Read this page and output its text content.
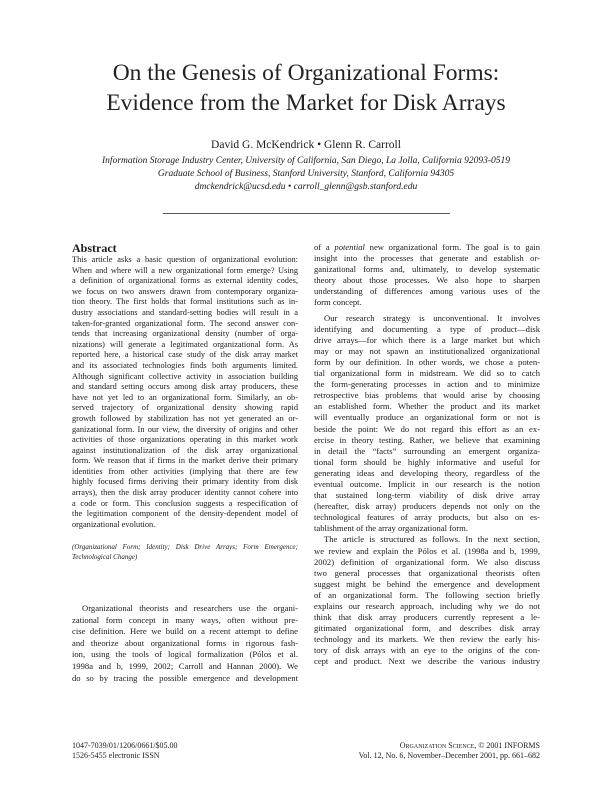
On the Genesis of Organizational Forms:
Evidence from the Market for Disk Arrays
David G. McKendrick • Glenn R. Carroll
Information Storage Industry Center, University of California, San Diego, La Jolla, California 92093-0519
Graduate School of Business, Stanford University, Stanford, California 94305
dmckendrick@ucsd.edu • carroll_glenn@gsb.stanford.edu
Abstract
This article asks a basic question of organizational evolution:
When and where will a new organizational form emerge? Using
a definition of organizational forms as external identity codes,
we focus on two answers drawn from contemporary organiza-
tion theory. The first holds that formal institutions such as in-
dustry associations and standard-setting bodies will result in a
taken-for-granted organizational form. The second answer con-
tends that increasing organizational density (number of orga-
nizations) will generate a legitimated organizational form. As
reported here, a historical case study of the disk array market
and its associated technologies finds both arguments limited.
Although significant collective activity in association building
and standard setting occurs among disk array producers, these
have not yet led to an organizational form. Similarly, an ob-
served trajectory of organizational density showing rapid
growth followed by stabilization has not yet generated an or-
ganizational form. In our view, the diversity of origins and other
activities of those organizations operating in this market work
against institutionalization of the disk array organizational
form. We reason that if firms in the market derive their primary
identities from other activities (implying that there are few
highly focused firms deriving their primary identity from disk
arrays), then the disk array producer identity cannot cohere into
a code or form. This conclusion suggests a respecification of
the legitimation component of the density-dependent model of
organizational evolution.
(Organizational Form; Identity; Disk Drive Arrays; Form Emergence;
Technological Change)
Organizational theorists and researchers use the organi-
zational form concept in many ways, often without pre-
cise definition. Here we build on a recent attempt to define
and theorize about organizational forms in rigorous fash-
ion, using the tools of logical formalization (Pólos et al.
1998a and b, 1999, 2002; Carroll and Hannan 2000). We
do so by tracing the possible emergence and development
of a potential new organizational form. The goal is to gain
insight into the processes that generate and establish or-
ganizational forms and, ultimately, to develop systematic
theory about those processes. We also hope to sharpen
understanding of differences among various uses of the
form concept.
Our research strategy is unconventional. It involves
identifying and documenting a type of product—disk
drive arrays—for which there is a large market but which
may or may not spawn an institutionalized organizational
form by our definition. In other words, we chose a poten-
tial organizational form in midstream. We did so to catch
the form-generating processes in action and to minimize
retrospective bias problems that would arise by choosing
an established form. Whether the product and its market
will eventually produce an organizational form or not is
beside the point: We do not regard this effort as an ex-
ercise in theory testing. Rather, we believe that examining
in detail the “facts” surrounding an emergent organiza-
tional form should be highly informative and useful for
generating ideas and developing theory, regardless of the
eventual outcome. Implicit in our research is the notion
that sustained long-term viability of disk drive array
(hereafter, disk array) producers depends not only on the
technological features of array products, but also on es-
tablishment of the array organizational form.
The article is structured as follows. In the next section,
we review and explain the Pólos et al. (1998a and b, 1999,
2002) definition of organizational form. We also discuss
two general processes that organizational theorists often
suggest might be behind the emergence and development
of an organizational form. The following section briefly
explains our research approach, including why we do not
think that disk array producers currently represent a le-
gitimated organizational form, and describes disk array
technology and its markets. We then review the early his-
tory of disk arrays with an eye to the origins of the con-
cept and product. Next we describe the various industry
1047-7039/01/1206/0661/$05.00
1526-5455 electronic ISSN
Organization Science, © 2001 INFORMS
Vol. 12, No. 6, November–December 2001, pp. 661–682
